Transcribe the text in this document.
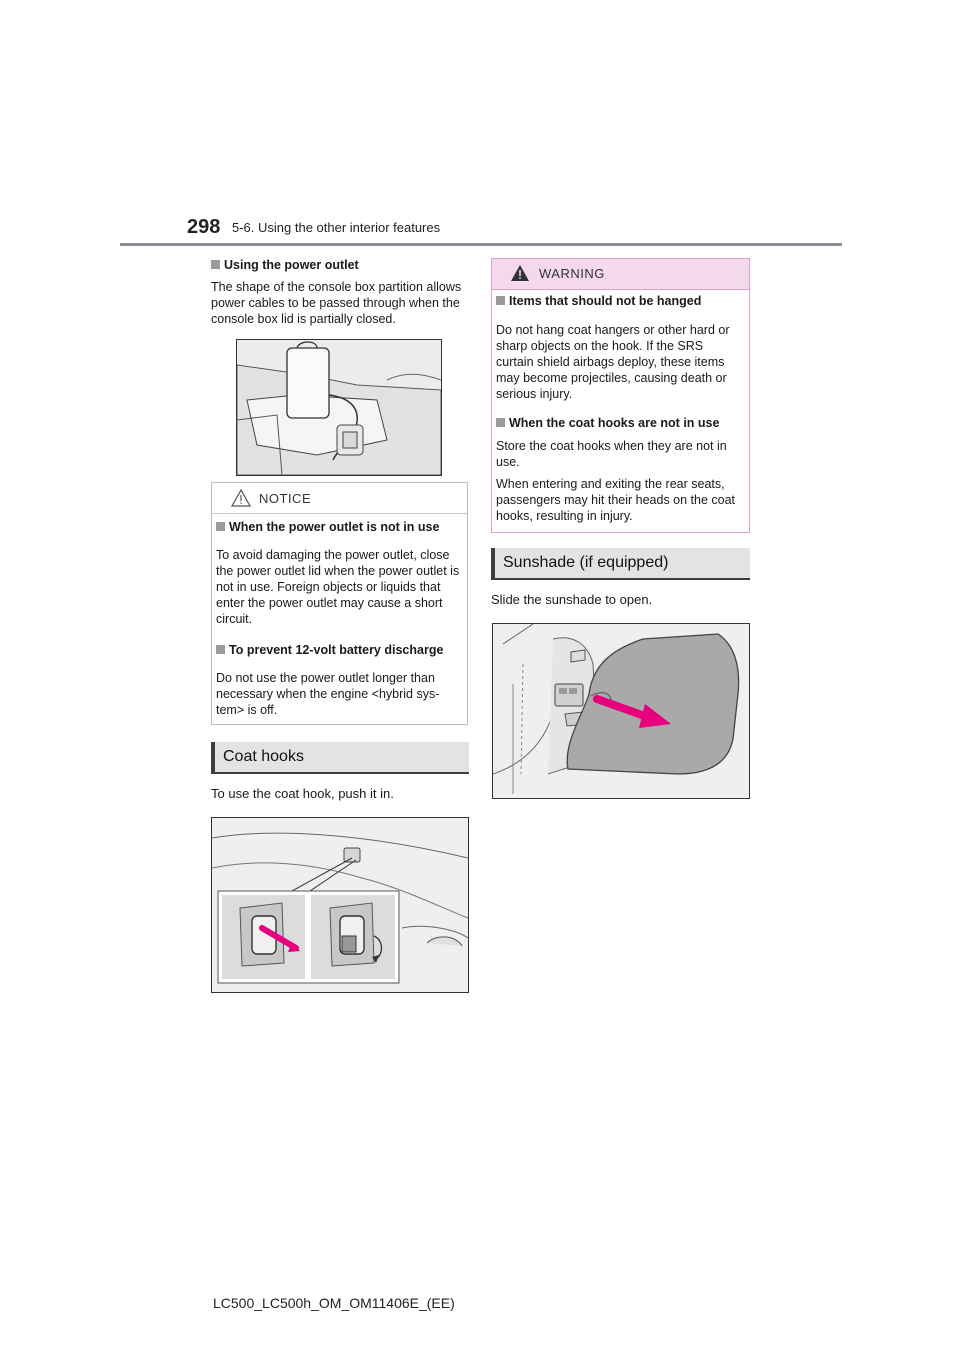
298 5-6. Using the other interior features
Using the power outlet
The shape of the console box partition allows power cables to be passed through when the console box lid is partially closed.
NOTICE
When the power outlet is not in use
To avoid damaging the power outlet, close the power outlet lid when the power outlet is not in use. Foreign objects or liquids that enter the power outlet may cause a short circuit.
To prevent 12-volt battery discharge
Do not use the power outlet longer than necessary when the engine <hybrid sys-tem> is off.
Coat hooks
To use the coat hook, push it in.
WARNING
Items that should not be hanged
Do not hang coat hangers or other hard or sharp objects on the hook. If the SRS curtain shield airbags deploy, these items may become projectiles, causing death or serious injury.
When the coat hooks are not in use
Store the coat hooks when they are not in use.
When entering and exiting the rear seats, passengers may hit their heads on the coat hooks, resulting in injury.
Sunshade (if equipped)
Slide the sunshade to open.
LC500_LC500h_OM_OM11406E_(EE)
